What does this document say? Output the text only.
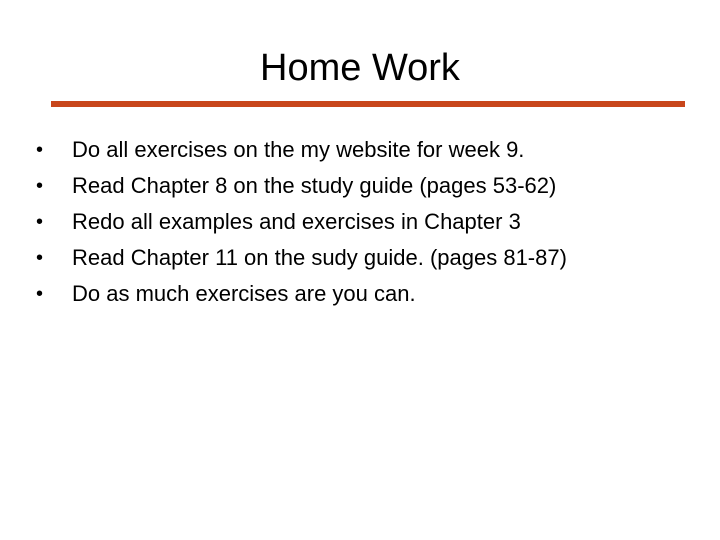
Home Work
•	Do all exercises on the my website for week 9.
•	Read Chapter 8 on the study guide (pages 53-62)
•	Redo all examples and exercises in Chapter 3
•	Read Chapter 11 on the sudy guide. (pages 81-87)
•	Do as much exercises are you can.
